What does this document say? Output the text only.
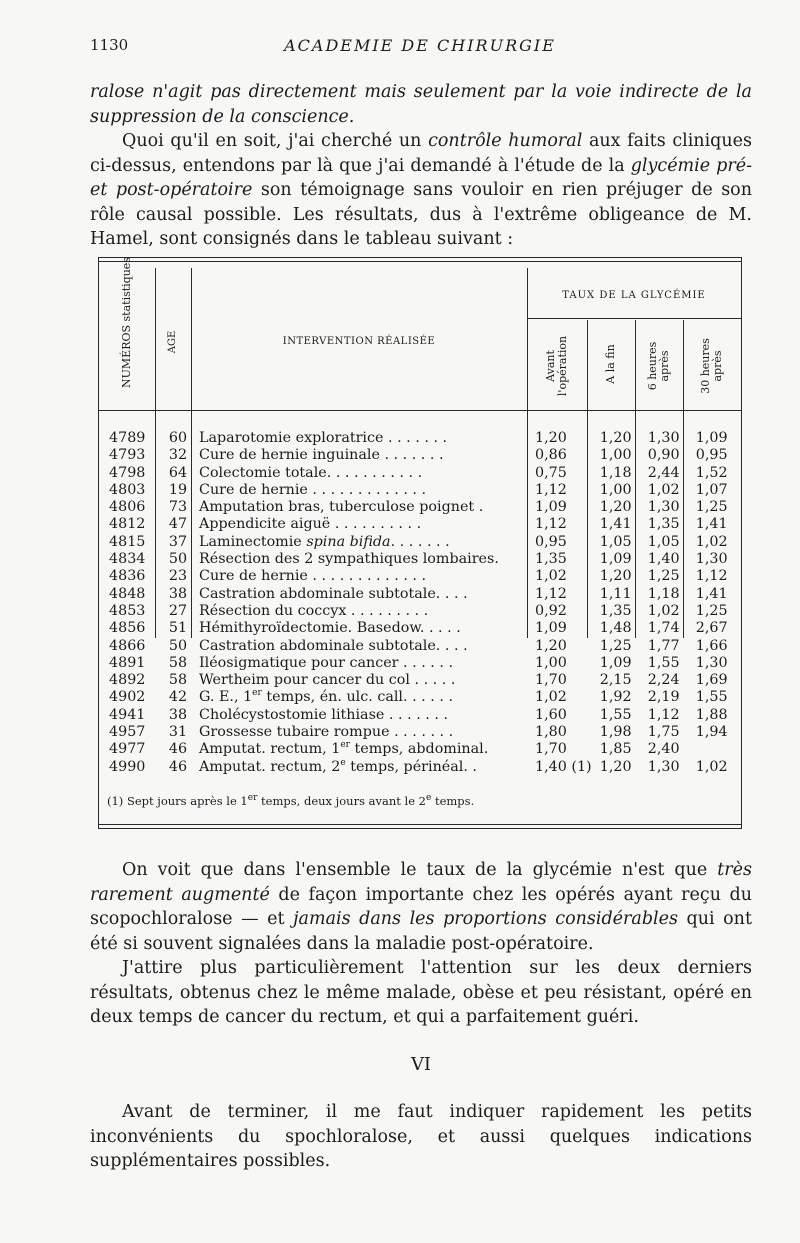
1130	ACADEMIE DE CHIRURGIE

ralose n'agit pas directement mais seulement par la voie indirecte de la suppression de la conscience.

Quoi qu'il en soit, j'ai cherché un contrôle humoral aux faits cliniques ci-dessus, entendons par là que j'ai demandé à l'étude de la glycémie pré- et post-opératoire son témoignage sans vouloir en rien préjuger de son rôle causal possible. Les résultats, dus à l'extrême obligeance de M. Hamel, sont consignés dans le tableau suivant :

NUMÉROS statistiques	AGE	INTERVENTION RÉALISÉE
TAUX DE LA GLYCÉMIE
Avant l'opération	A la fin	6 heures après	30 heures après
4789	60	Laparotomie exploratrice . . . . . . .	1,20	1,20	1,30	1,09
4793	32	Cure de hernie inguinale . . . . . . .	0,86	1,00	0,90	0,95
4798	64	Colectomie totale. . . . . . . . . . .	0,75	1,18	2,44	1,52
4803	19	Cure de hernie . . . . . . . . . . . . .	1,12	1,00	1,02	1,07
4806	73	Amputation bras, tuberculose poignet .	1,09	1,20	1,30	1,25
4812	47	Appendicite aiguë . . . . . . . . . .	1,12	1,41	1,35	1,41
4815	37	Laminectomie spina bifida. . . . . . .	0,95	1,05	1,05	1,02
4834	50	Résection des 2 sympathiques lombaires.	1,35	1,09	1,40	1,30
4836	23	Cure de hernie . . . . . . . . . . . . .	1,02	1,20	1,25	1,12
4848	38	Castration abdominale subtotale. . . .	1,12	1,11	1,18	1,41
4853	27	Résection du coccyx . . . . . . . . .	0,92	1,35	1,02	1,25
4856	51	Hémithyroïdectomie. Basedow. . . . .	1,09	1,48	1,74	2,67
4866	50	Castration abdominale subtotale. . . .	1,20	1,25	1,77	1,66
4891	58	Iléosigmatique pour cancer . . . . . .	1,00	1,09	1,55	1,30
4892	58	Wertheim pour cancer du col . . . . .	1,70	2,15	2,24	1,69
4902	42	G. E., 1er temps, én. ulc. call. . . . . .	1,02	1,92	2,19	1,55
4941	38	Cholécystostomie lithiase . . . . . . .	1,60	1,55	1,12	1,88
4957	31	Grossesse tubaire rompue . . . . . . .	1,80	1,98	1,75	1,94
4977	46	Amputat. rectum, 1er temps, abdominal.	1,70	1,85	2,40	
4990	46	Amputat. rectum, 2e temps, périnéal. .	1,40 (1)	1,20	1,30	1,02
(1) Sept jours après le 1er temps, deux jours avant le 2e temps.

On voit que dans l'ensemble le taux de la glycémie n'est que très rarement augmenté de façon importante chez les opérés ayant reçu du scopochloralose — et jamais dans les proportions considérables qui ont été si souvent signalées dans la maladie post-opératoire.

J'attire plus particulièrement l'attention sur les deux derniers résultats, obtenus chez le même malade, obèse et peu résistant, opéré en deux temps de cancer du rectum, et qui a parfaitement guéri.

VI

Avant de terminer, il me faut indiquer rapidement les petits inconvénients du spochloralose, et aussi quelques indications supplémentaires possibles.
